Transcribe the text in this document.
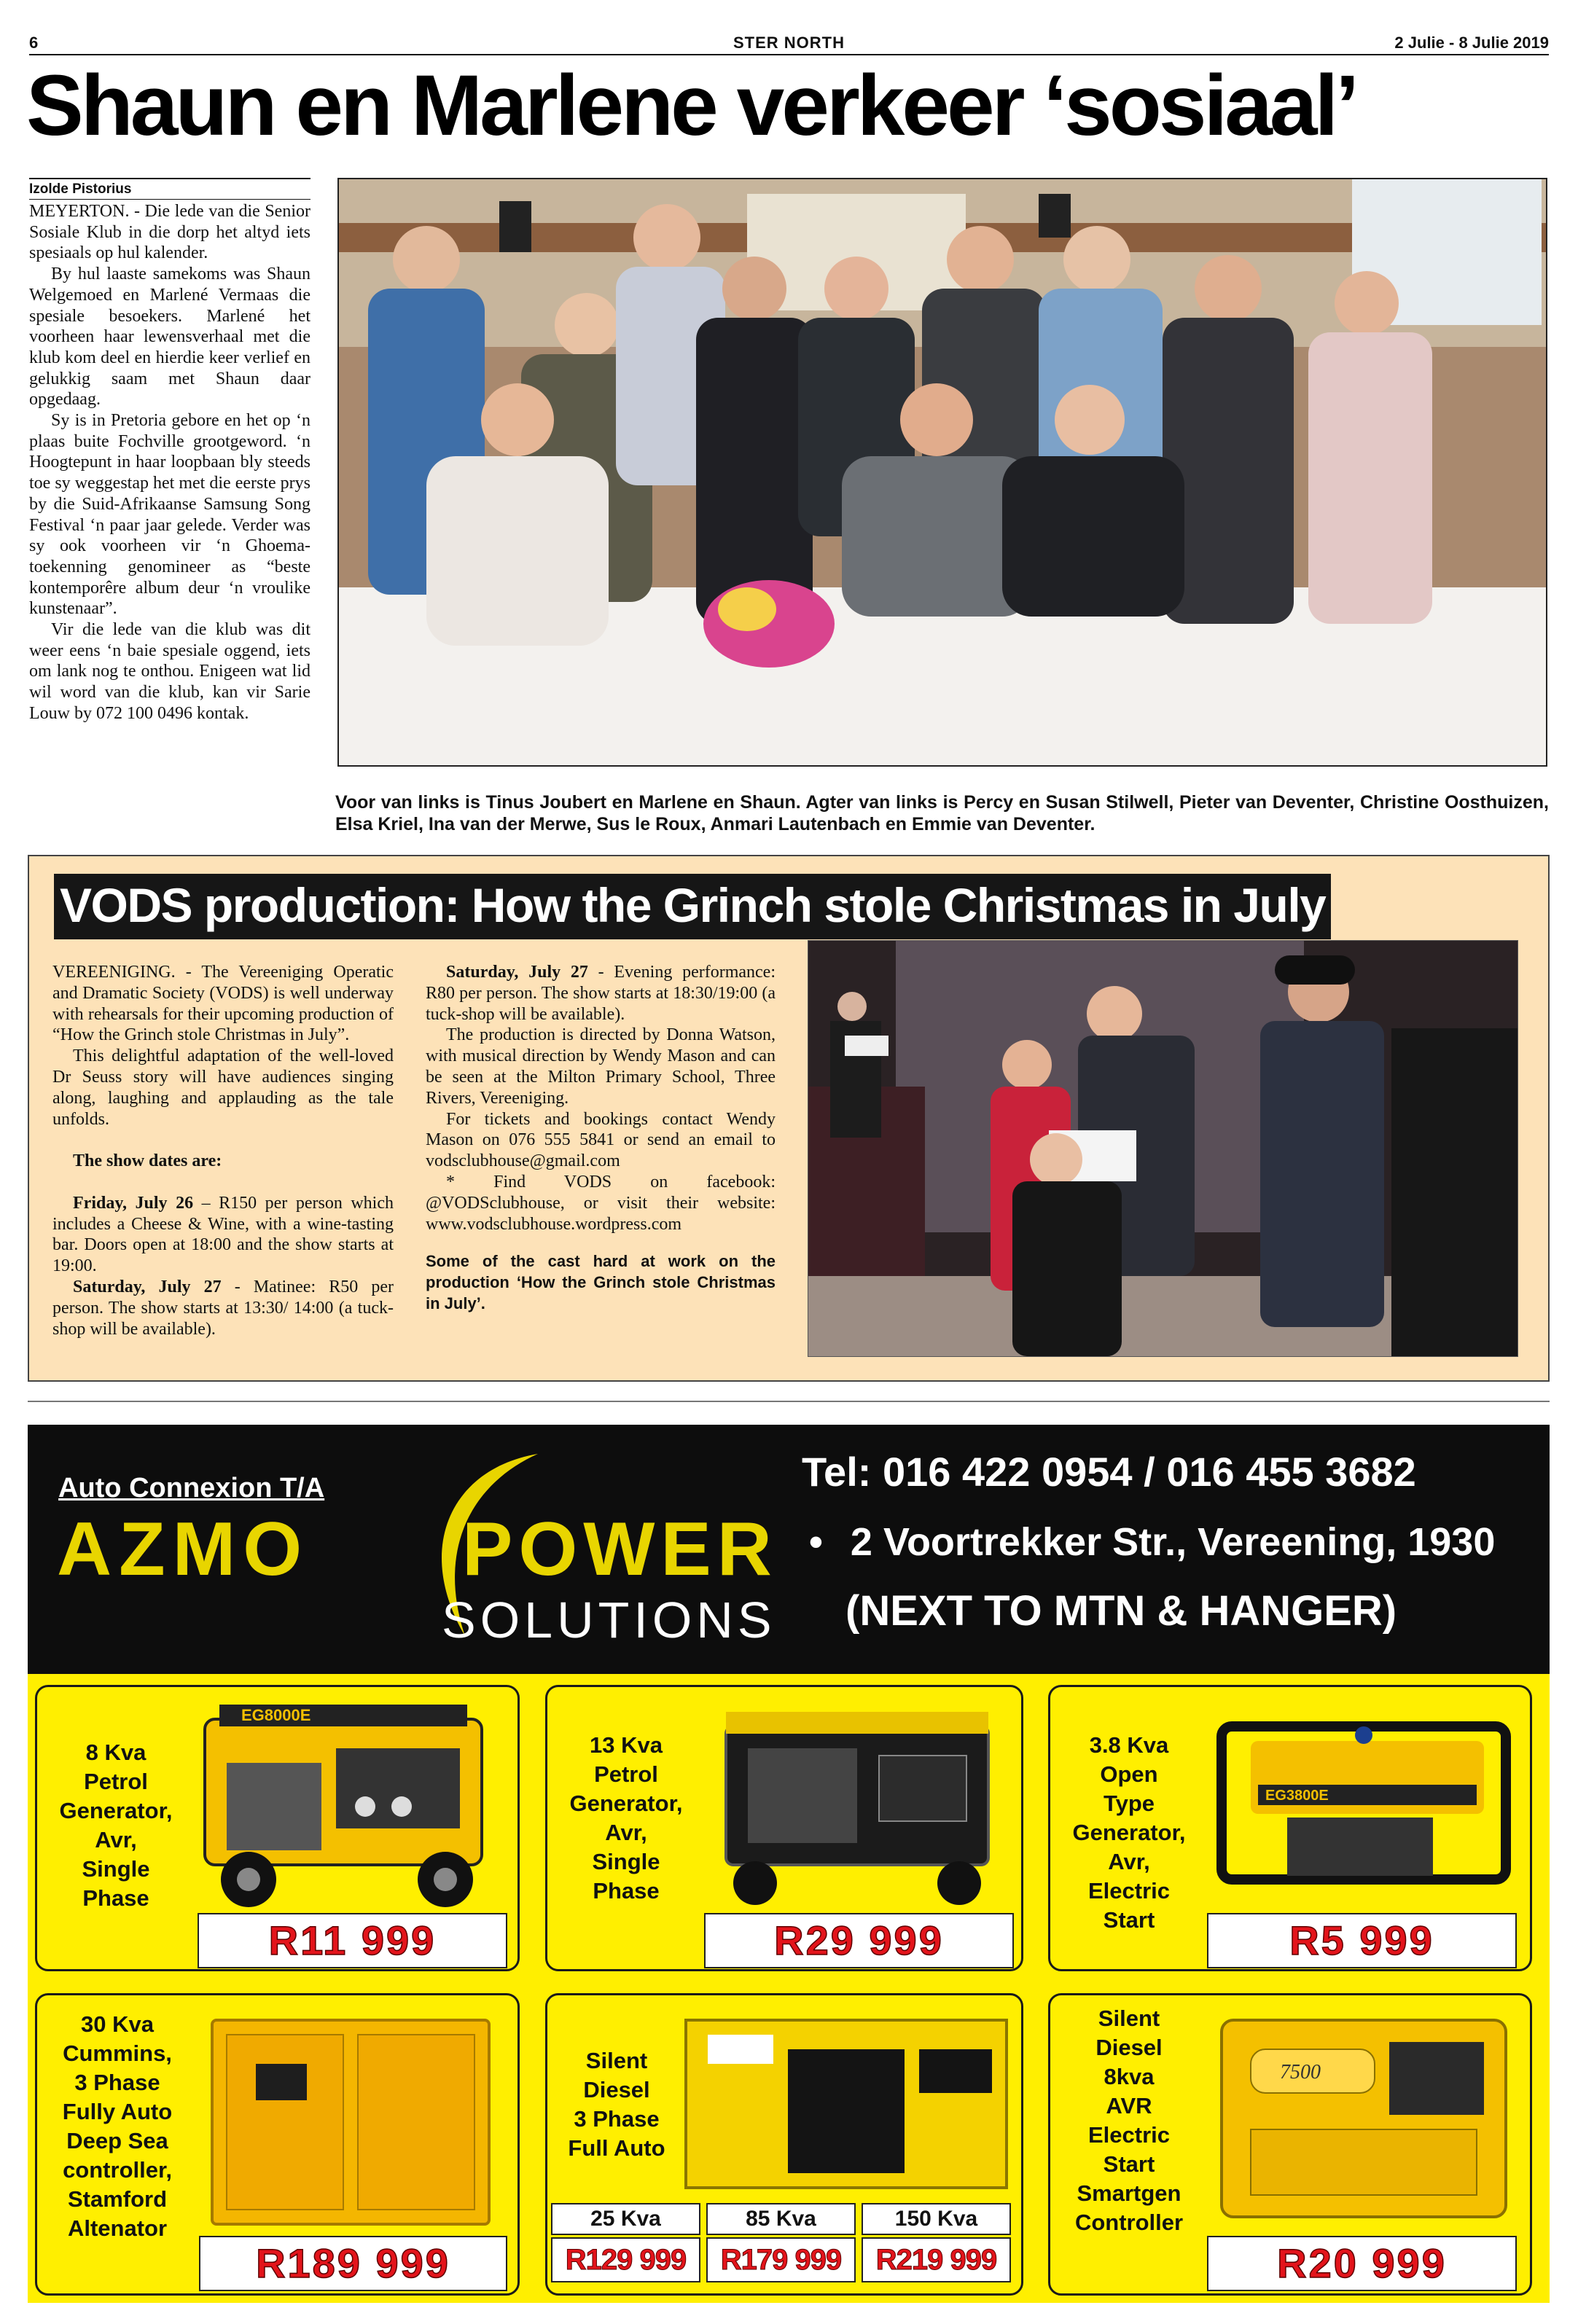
6	STER NORTH	2 Julie - 8 Julie 2019
Shaun en Marlene verkeer ‘sosiaal’
Izolde Pistorius

MEYERTON. - Die lede van die Senior Sosiale Klub in die dorp het altyd iets spesiaals op hul kalender.

By hul laaste samekoms was Shaun Welgemoed en Marlené Vermaas die spesiale besoekers. Marlené het voorheen haar lewensverhaal met die klub kom deel en hierdie keer verlief en gelukkig saam met Shaun daar opgedaag.

Sy is in Pretoria gebore en het op ‘n plaas buite Fochville grootgeword. ‘n Hoogtepunt in haar loopbaan bly steeds toe sy weggestap het met die eerste prys by die Suid-Afrikaanse Samsung Song Festival ‘n paar jaar gelede. Verder was sy ook voorheen vir ‘n Ghoema-toekenning genomineer as “beste kontemporêre album deur ‘n vroulike kunstenaar”.

Vir die lede van die klub was dit weer eens ‘n baie spesiale oggend, iets om lank nog te onthou. Enigeen wat lid wil word van die klub, kan vir Sarie Louw by 072 100 0496 kontak.

Voor van links is Tinus Joubert en Marlene en Shaun. Agter van links is Percy en Susan Stilwell, Pieter van Deventer, Christine Oosthuizen, Elsa Kriel, Ina van der Merwe, Sus le Roux, Anmari Lautenbach en Emmie van Deventer.
VODS production: How the Grinch stole Christmas in July

VEREENIGING. - The Vereeniging Operatic and Dramatic Society (VODS) is well underway with rehearsals for their upcoming production of “How the Grinch stole Christmas in July”.

This delightful adaptation of the well-loved Dr Seuss story will have audiences singing along, laughing and applauding as the tale unfolds.

The show dates are:

Friday, July 26 – R150 per person which includes a Cheese & Wine, with a wine-tasting bar. Doors open at 18:00 and the show starts at 19:00.

Saturday, July 27 - Matinee: R50 per person. The show starts at 13:30/ 14:00 (a tuck-shop will be available).

Saturday, July 27 - Evening performance: R80 per person. The show starts at 18:30/19:00 (a tuck-shop will be available).

The production is directed by Donna Watson, with musical direction by Wendy Mason and can be seen at the Milton Primary School, Three Rivers, Vereeniging.

For tickets and bookings contact Wendy Mason on 076 555 5841 or send an email to vodsclubhouse@gmail.com

* Find VODS on facebook: @VODSclubhouse, or visit their website: www.vodsclubhouse.wordpress.com

Some of the cast hard at work on the production ‘How the Grinch stole Christmas in July’.

Auto Connexion T/A
AZMO POWER
SOLUTIONS
Tel: 016 422 0954 / 016 455 3682
• 2 Voortrekker Str., Vereening, 1930
(NEXT TO MTN & HANGER)
8 Kva
Petrol
Generator,
Avr,
Single
Phase
EG8000E
R11 999
13 Kva
Petrol
Generator,
Avr,
Single
Phase
R29 999
3.8 Kva
Open
Type
Generator,
Avr,
Electric
Start
EG3800E
R5 999
30 Kva
Cummins,
3 Phase
Fully Auto
Deep Sea
controller,
Stamford
Altenator
R189 999
Silent
Diesel
3 Phase
Full Auto
25 Kva	85 Kva	150 Kva
R129 999	R179 999	R219 999
Silent
Diesel
8kva
AVR
Electric
Start
Smartgen
Controller
7500
R20 999
